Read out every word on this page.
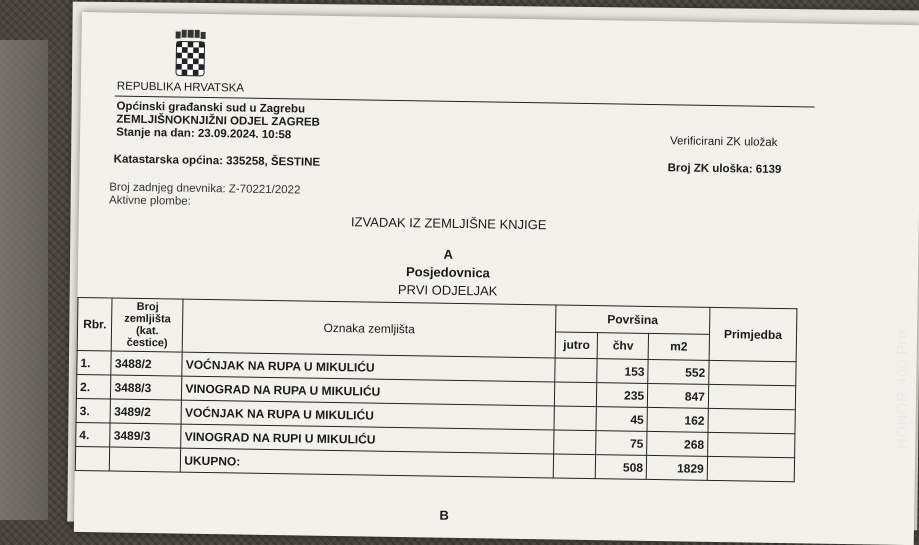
REPUBLIKA HRVATSKA
Općinski građanski sud u Zagrebu
ZEMLJIŠNOKNJIŽNI ODJEL ZAGREB
Stanje na dan: 23.09.2024. 10:58
Verificirani ZK uložak
Katastarska općina: 335258, ŠESTINE
Broj ZK uloška: 6139
Broj zadnjeg dnevnika: Z-70221/2022
Aktivne plombe:
IZVADAK IZ ZEMLJIŠNE KNJIGE
A
Posjedovnica
PRVI ODJELJAK
Rbr.	Broj zemljišta (kat. čestice)	Oznaka zemljišta	Površina			Primjedba
			jutro	čhv	m2	
1.	3488/2	VOĆNJAK NA RUPA U MIKULIĆU		153	552	
2.	3488/3	VINOGRAD NA RUPA U MIKULIĆU		235	847	
3.	3489/2	VOĆNJAK NA RUPA U MIKULIĆU		45	162	
4.	3489/3	VINOGRAD NA RUPI U MIKULIĆU		75	268	
		UKUPNO:		508	1829	
B
HONOR 400 Pro
